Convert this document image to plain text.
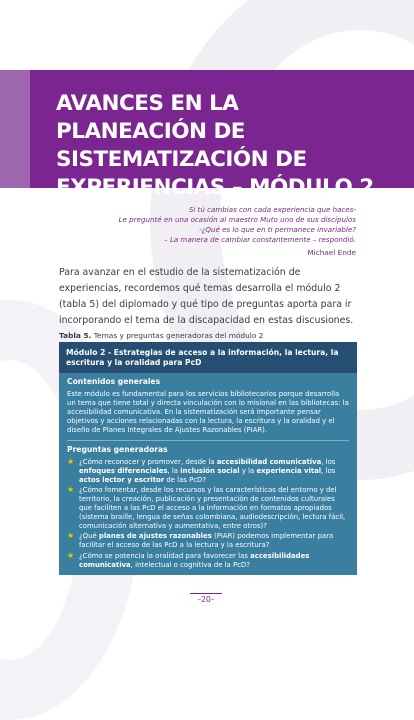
AVANCES EN LA PLANEACIÓN DE SISTEMATIZACIÓN DE EXPERIENCIAS – MÓDULO 2
Si tú cambias con cada experiencia que haces-
Le pregunté en una ocasión al maestro Muto uno de sus discípulos
-¿Qué es lo que en ti permanece invariable?
– La manera de cambiar constantemente – respondió.
Michael Ende

Para avanzar en el estudio de la sistematización de experiencias, recordemos qué temas desarrolla el módulo 2 (tabla 5) del diplomado y qué tipo de preguntas aporta para ir incorporando el tema de la discapacidad en estas discusiones.

Tabla 5. Temas y preguntas generadoras del módulo 2
Módulo 2 - Estrategias de acceso a la información, la lectura, la escritura y la oralidad para PcD
Contenidos generales
Este módulo es fundamental para los servicios bibliotecarios porque desarrolla un tema que tiene total y directa vinculación con lo misional en las bibliotecas: la accesibilidad comunicativa. En la sistematización será importante pensar objetivos y acciones relacionadas con la lectura, la escritura y la oralidad y el diseño de Planes Integrales de Ajustes Razonables (PIAR).
Preguntas generadoras
★ ¿Cómo reconocer y promover, desde la accesibilidad comunicativa, los enfoques diferenciales, la inclusión social y la experiencia vital, los actos lector y escritor de las PcD?
★ ¿Cómo fomentar, desde los recursos y las características del entorno y del territorio, la creación, publicación y presentación de contenidos culturales que faciliten a las PcD el acceso a la información en formatos apropiados (sistema braille, lengua de señas colombiana, audiodescripción, lectura fácil, comunicación alternativa y aumentativa, entre otros)?
★ ¿Qué planes de ajustes razonables (PIAR) podemos implementar para facilitar el acceso de las PcD a la lectura y la escritura?
★ ¿Cómo se potencia la oralidad para favorecer las accesibilidades comunicativa, intelectual o cognitiva de la PcD?
–20–
